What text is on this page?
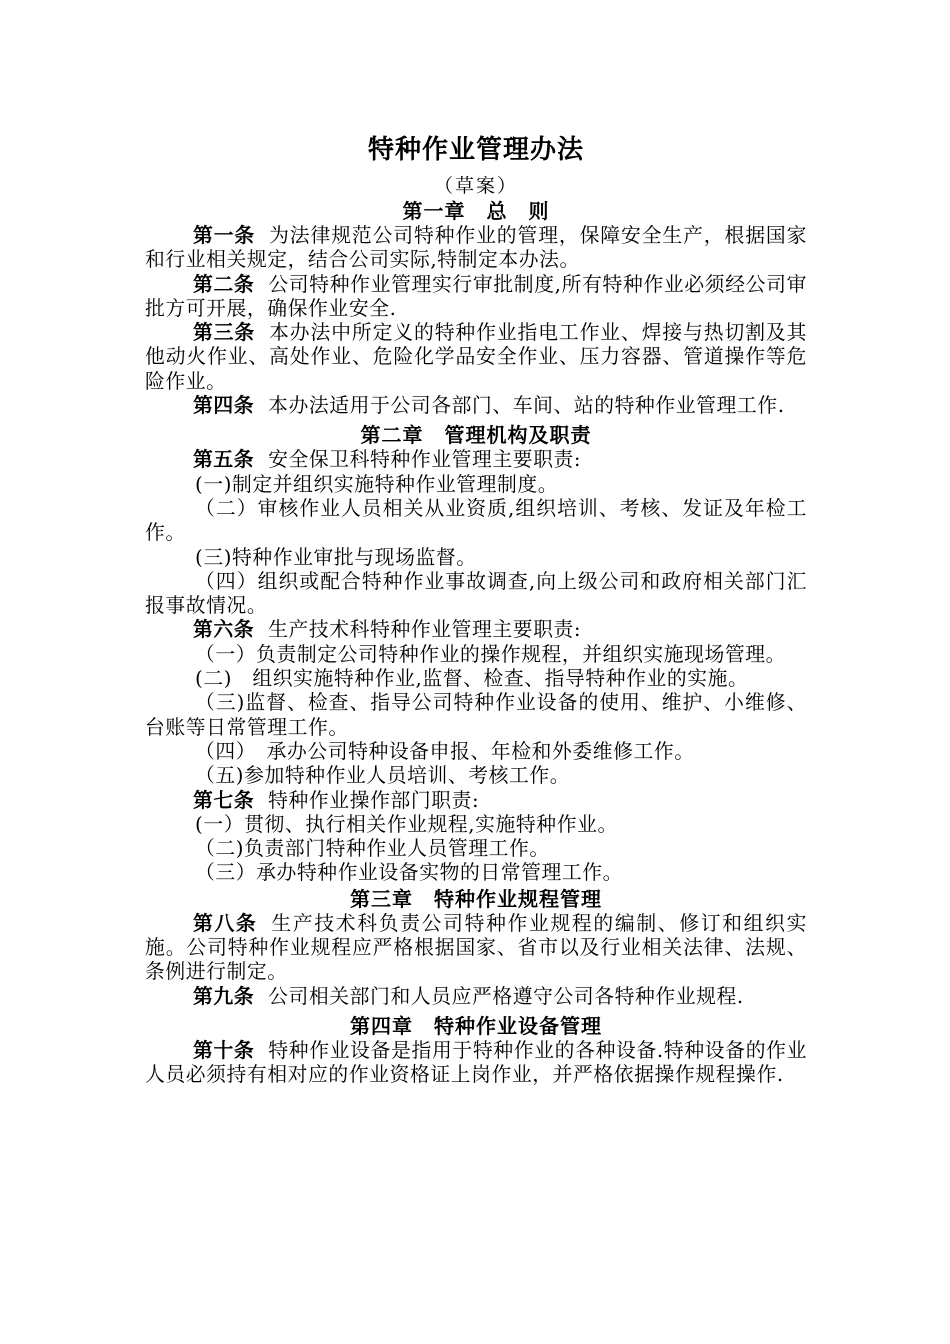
特种作业管理办法
（草案）
第一章　总　则

第一条 为法律规范公司特种作业的管理，保障安全生产，根据国家和行业相关规定，结合公司实际,特制定本办法。

第二条 公司特种作业管理实行审批制度,所有特种作业必须经公司审批方可开展，确保作业安全.

第三条 本办法中所定义的特种作业指电工作业、焊接与热切割及其他动火作业、高处作业、危险化学品安全作业、压力容器、管道操作等危险作业。

第四条 本办法适用于公司各部门、车间、站的特种作业管理工作.

第二章　管理机构及职责

第五条 安全保卫科特种作业管理主要职责:

(一)制定并组织实施特种作业管理制度。

（二）审核作业人员相关从业资质,组织培训、考核、发证及年检工作。

(三)特种作业审批与现场监督。

（四）组织或配合特种作业事故调查,向上级公司和政府相关部门汇报事故情况。

第六条 生产技术科特种作业管理主要职责:

（一）负责制定公司特种作业的操作规程，并组织实施现场管理。

(二)　组织实施特种作业,监督、检查、指导特种作业的实施。

（三)监督、检查、指导公司特种作业设备的使用、维护、小维修、台账等日常管理工作。

（四）　承办公司特种设备申报、年检和外委维修工作。

（五)参加特种作业人员培训、考核工作。

第七条 特种作业操作部门职责:

(一）贯彻、执行相关作业规程,实施特种作业。

（二)负责部门特种作业人员管理工作。

（三）承办特种作业设备实物的日常管理工作。

第三章　特种作业规程管理

第八条 生产技术科负责公司特种作业规程的编制、修订和组织实施。公司特种作业规程应严格根据国家、省市以及行业相关法律、法规、条例进行制定。

第九条 公司相关部门和人员应严格遵守公司各特种作业规程.

第四章　特种作业设备管理

第十条 特种作业设备是指用于特种作业的各种设备.特种设备的作业人员必须持有相对应的作业资格证上岗作业，并严格依据操作规程操作.
